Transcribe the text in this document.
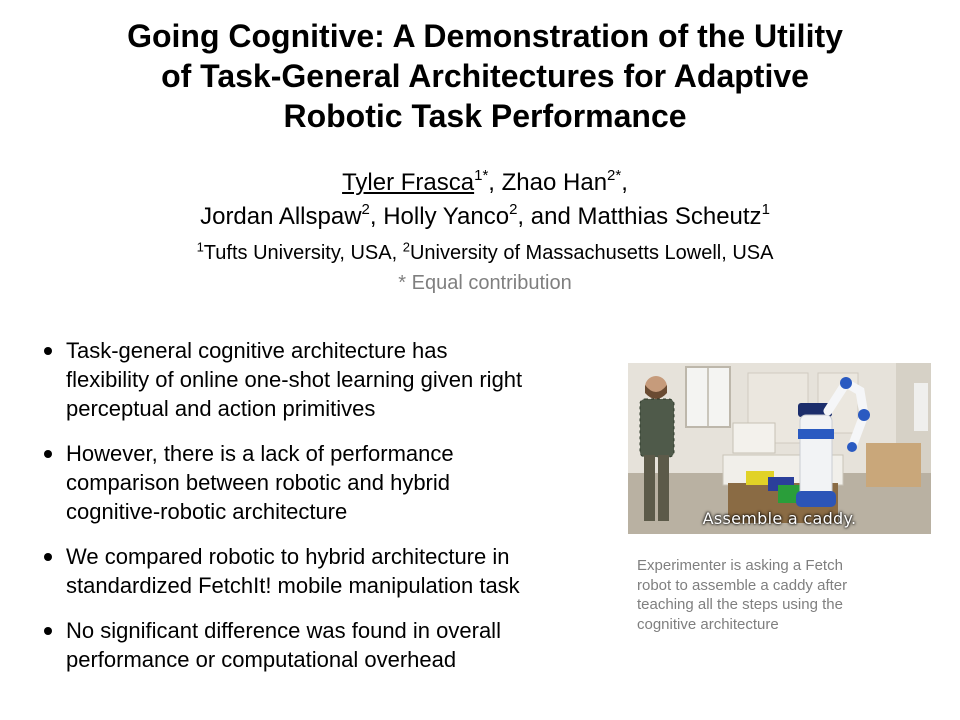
Going Cognitive: A Demonstration of the Utility
of Task-General Architectures for Adaptive
Robotic Task Performance
Tyler Frasca$^{1*}$, Zhao Han$^{2*}$,
Jordan Allspaw$^2$, Holly Yanco$^2$, and Matthias Scheutz$^1$
$^1$Tufts University, USA, $^2$University of Massachusetts Lowell, USA
* Equal contribution
Task-general cognitive architecture has
flexibility of online one-shot learning given right
perceptual and action primitives
However, there is a lack of performance
comparison between robotic and hybrid
cognitive-robotic architecture
We compared robotic to hybrid architecture in
standardized FetchIt! mobile manipulation task
No significant difference was found in overall
performance or computational overhead
Assemble a caddy.
Experimenter is asking a Fetch
robot to assemble a caddy after
teaching all the steps using the
cognitive architecture
